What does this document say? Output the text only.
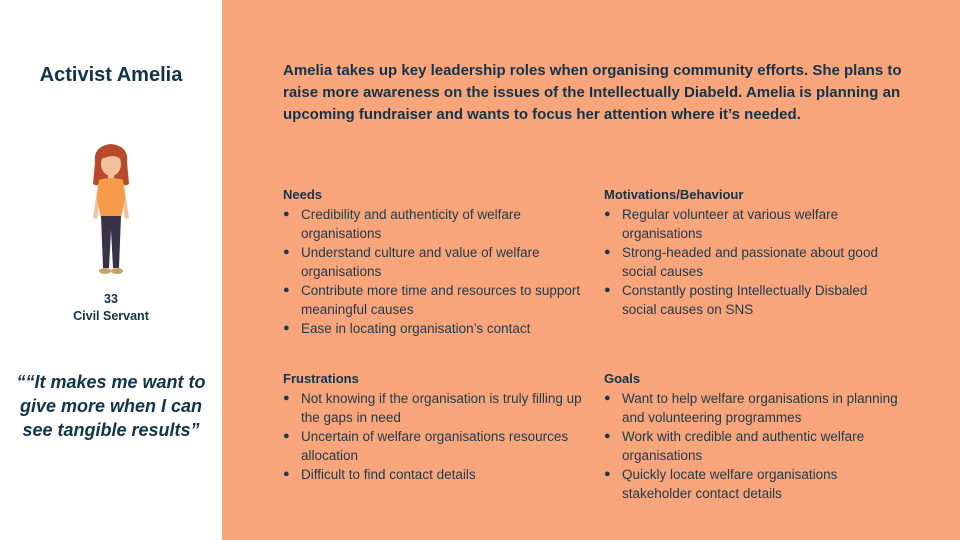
Activist Amelia
33
Civil Servant
““It makes me want to give more when I can see tangible results”
Amelia takes up key leadership roles when organising community efforts. She plans to raise more awareness on the issues of the Intellectually Diabeld. Amelia is planning an upcoming fundraiser and wants to focus her attention where it’s needed.
Needs
● Credibility and authenticity of welfare organisations
● Understand culture and value of welfare organisations
● Contribute more time and resources to support meaningful causes
● Ease in locating organisation’s contact
Motivations/Behaviour
● Regular volunteer at various welfare organisations
● Strong-headed and passionate about good social causes
● Constantly posting Intellectually Disbaled social causes on SNS
Frustrations
● Not knowing if the organisation is truly filling up the gaps in need
● Uncertain of welfare organisations resources allocation
● Difficult to find contact details
Goals
● Want to help welfare organisations in planning and volunteering programmes
● Work with credible and authentic welfare organisations
● Quickly locate welfare organisations stakeholder contact details
